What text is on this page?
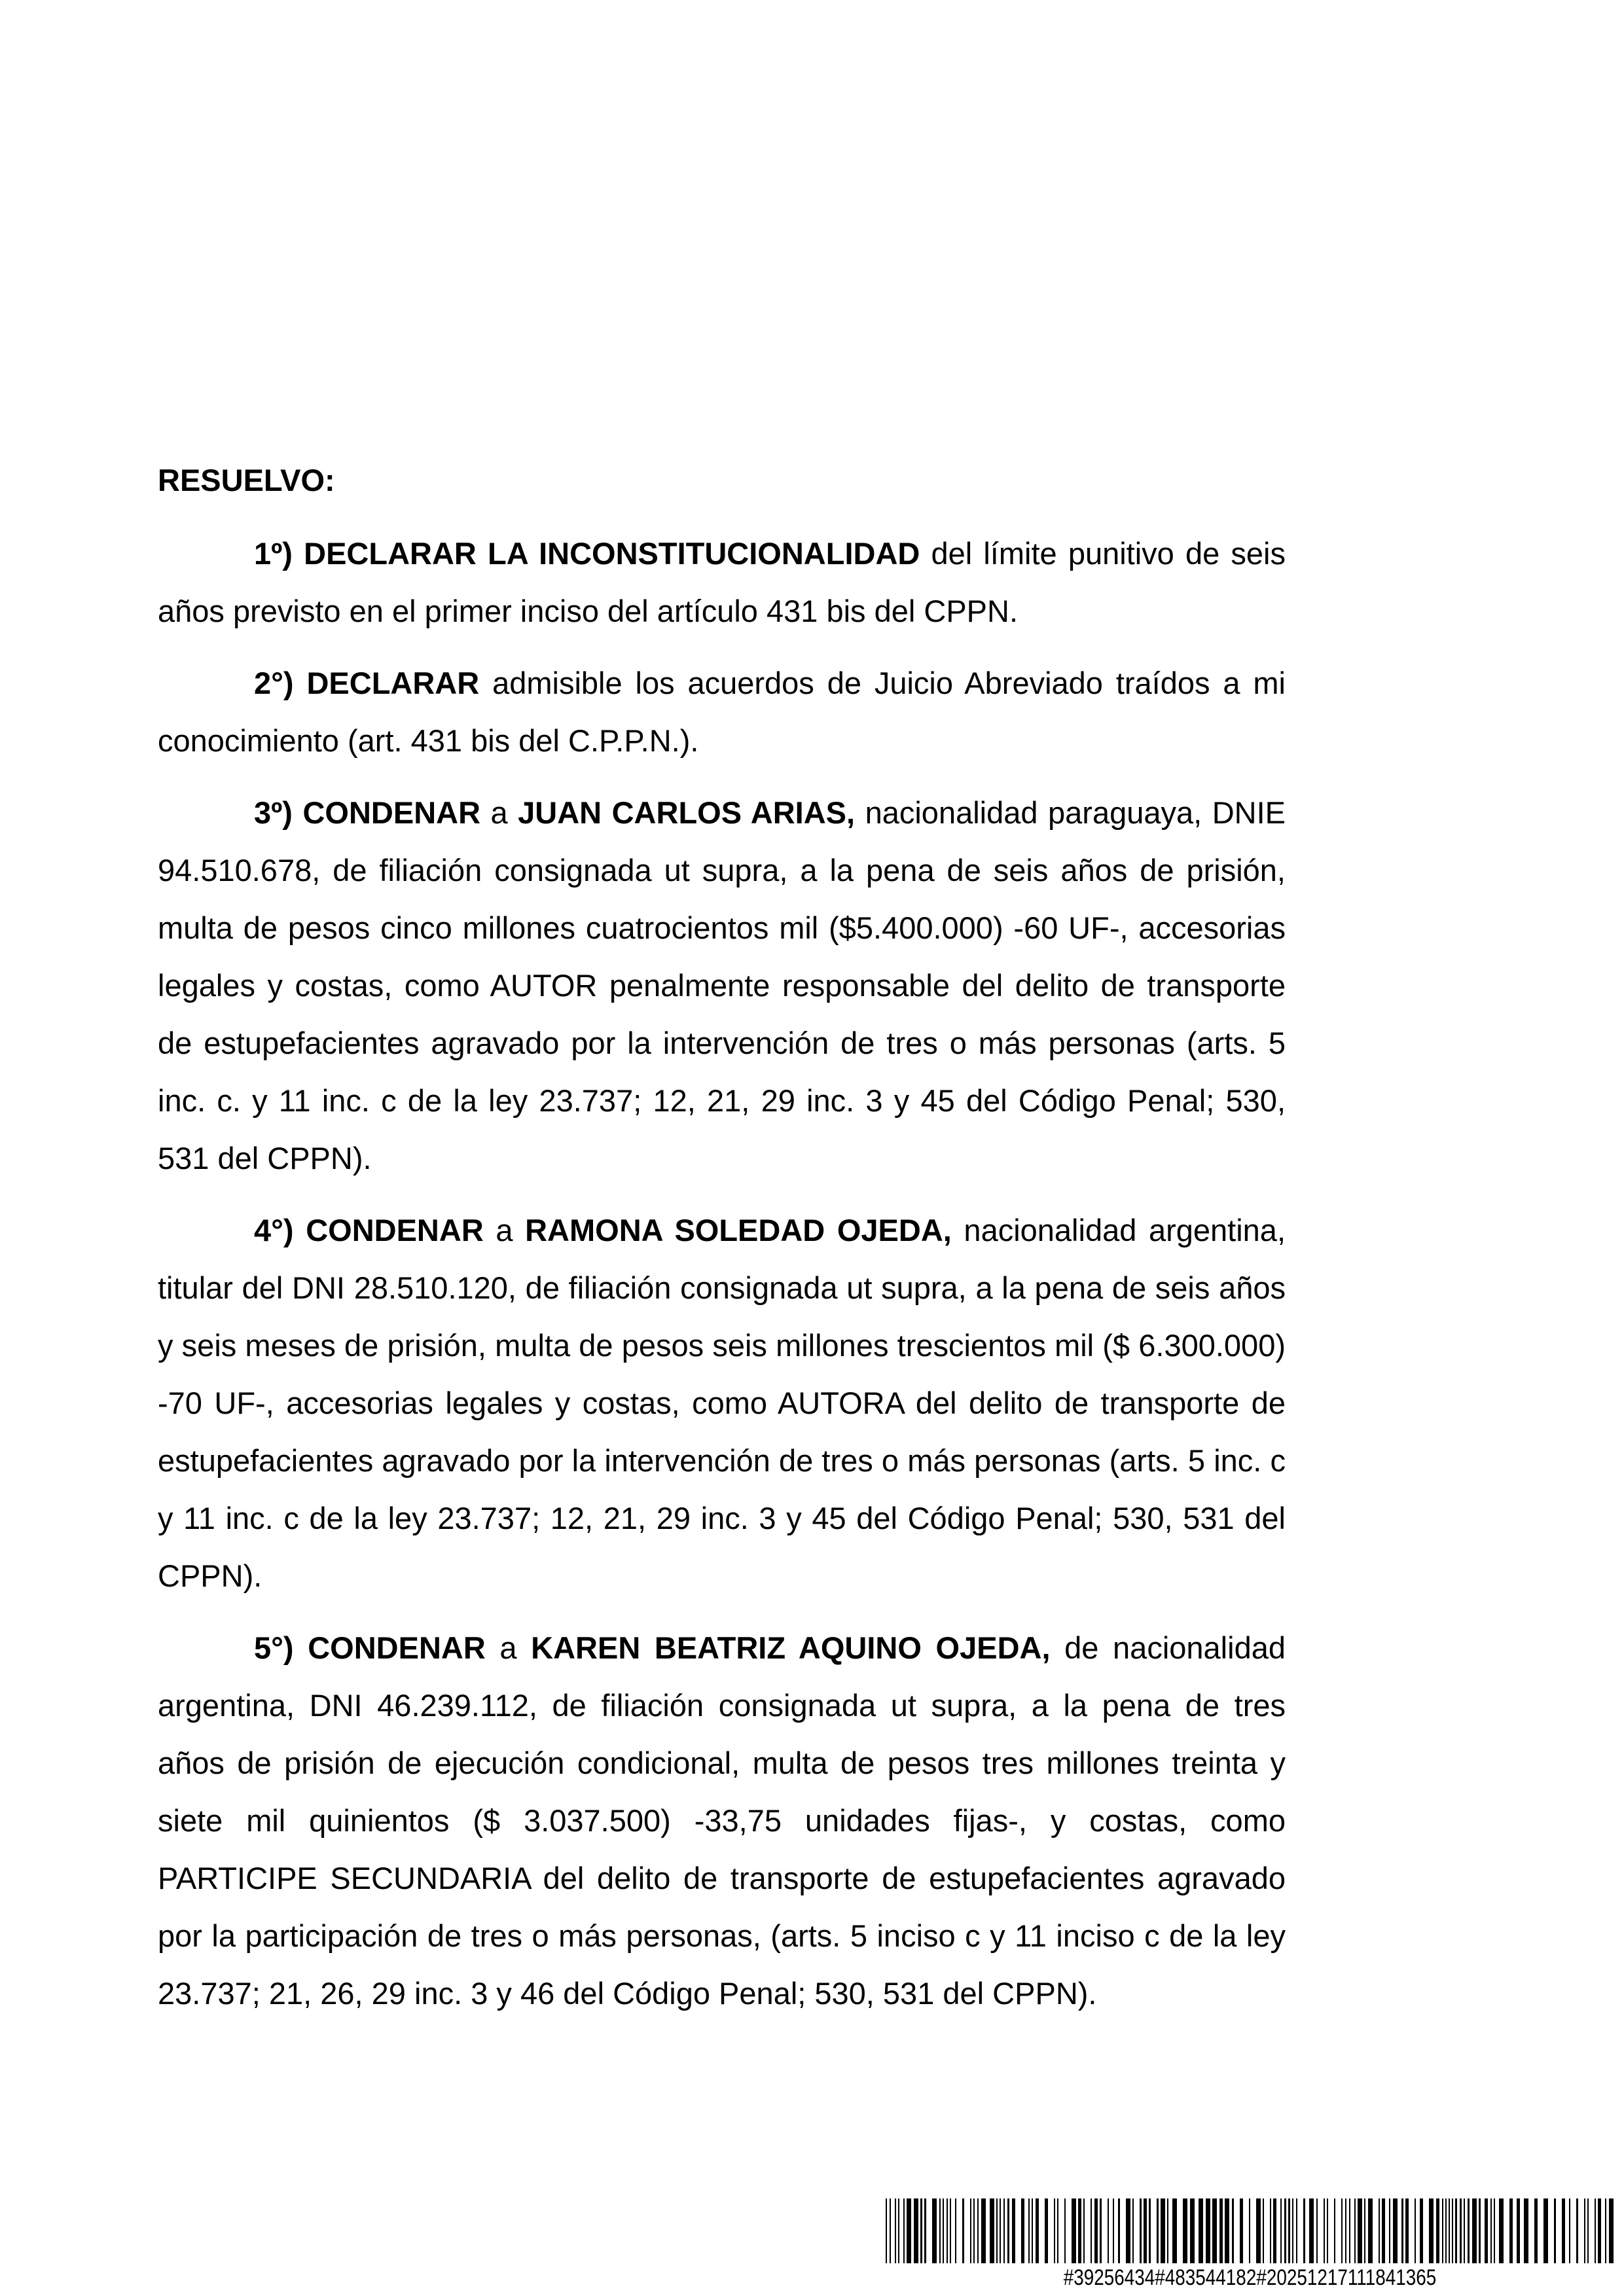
RESUELVO:

1º) DECLARAR LA INCONSTITUCIONALIDAD del límite punitivo de seis años previsto en el primer inciso del artículo 431 bis del CPPN.

2°) DECLARAR admisible los acuerdos de Juicio Abreviado traídos a mi conocimiento (art. 431 bis del C.P.P.N.).

3º) CONDENAR a JUAN CARLOS ARIAS, nacionalidad paraguaya, DNIE 94.510.678, de filiación consignada ut supra, a la pena de seis años de prisión, multa de pesos cinco millones cuatrocientos mil ($5.400.000) -60 UF-, accesorias legales y costas, como AUTOR penalmente responsable del delito de transporte de estupefacientes agravado por la intervención de tres o más personas (arts. 5 inc. c. y 11 inc. c de la ley 23.737; 12, 21, 29 inc. 3 y 45 del Código Penal; 530, 531 del CPPN).

4°) CONDENAR a RAMONA SOLEDAD OJEDA, nacionalidad argentina, titular del DNI 28.510.120, de filiación consignada ut supra, a la pena de seis años y seis meses de prisión, multa de pesos seis millones trescientos mil ($ 6.300.000) -70 UF-, accesorias legales y costas, como AUTORA del delito de transporte de estupefacientes agravado por la intervención de tres o más personas (arts. 5 inc. c y 11 inc. c de la ley 23.737; 12, 21, 29 inc. 3 y 45 del Código Penal; 530, 531 del CPPN).

5°) CONDENAR a KAREN BEATRIZ AQUINO OJEDA, de nacionalidad argentina, DNI 46.239.112, de filiación consignada ut supra, a la pena de tres años de prisión de ejecución condicional, multa de pesos tres millones treinta y siete mil quinientos ($ 3.037.500) -33,75 unidades fijas-, y costas, como PARTICIPE SECUNDARIA del delito de transporte de estupefacientes agravado por la participación de tres o más personas, (arts. 5 inciso c y 11 inciso c de la ley 23.737; 21, 26, 29 inc. 3 y 46 del Código Penal; 530, 531 del CPPN).

#39256434#483544182#20251217111841365
